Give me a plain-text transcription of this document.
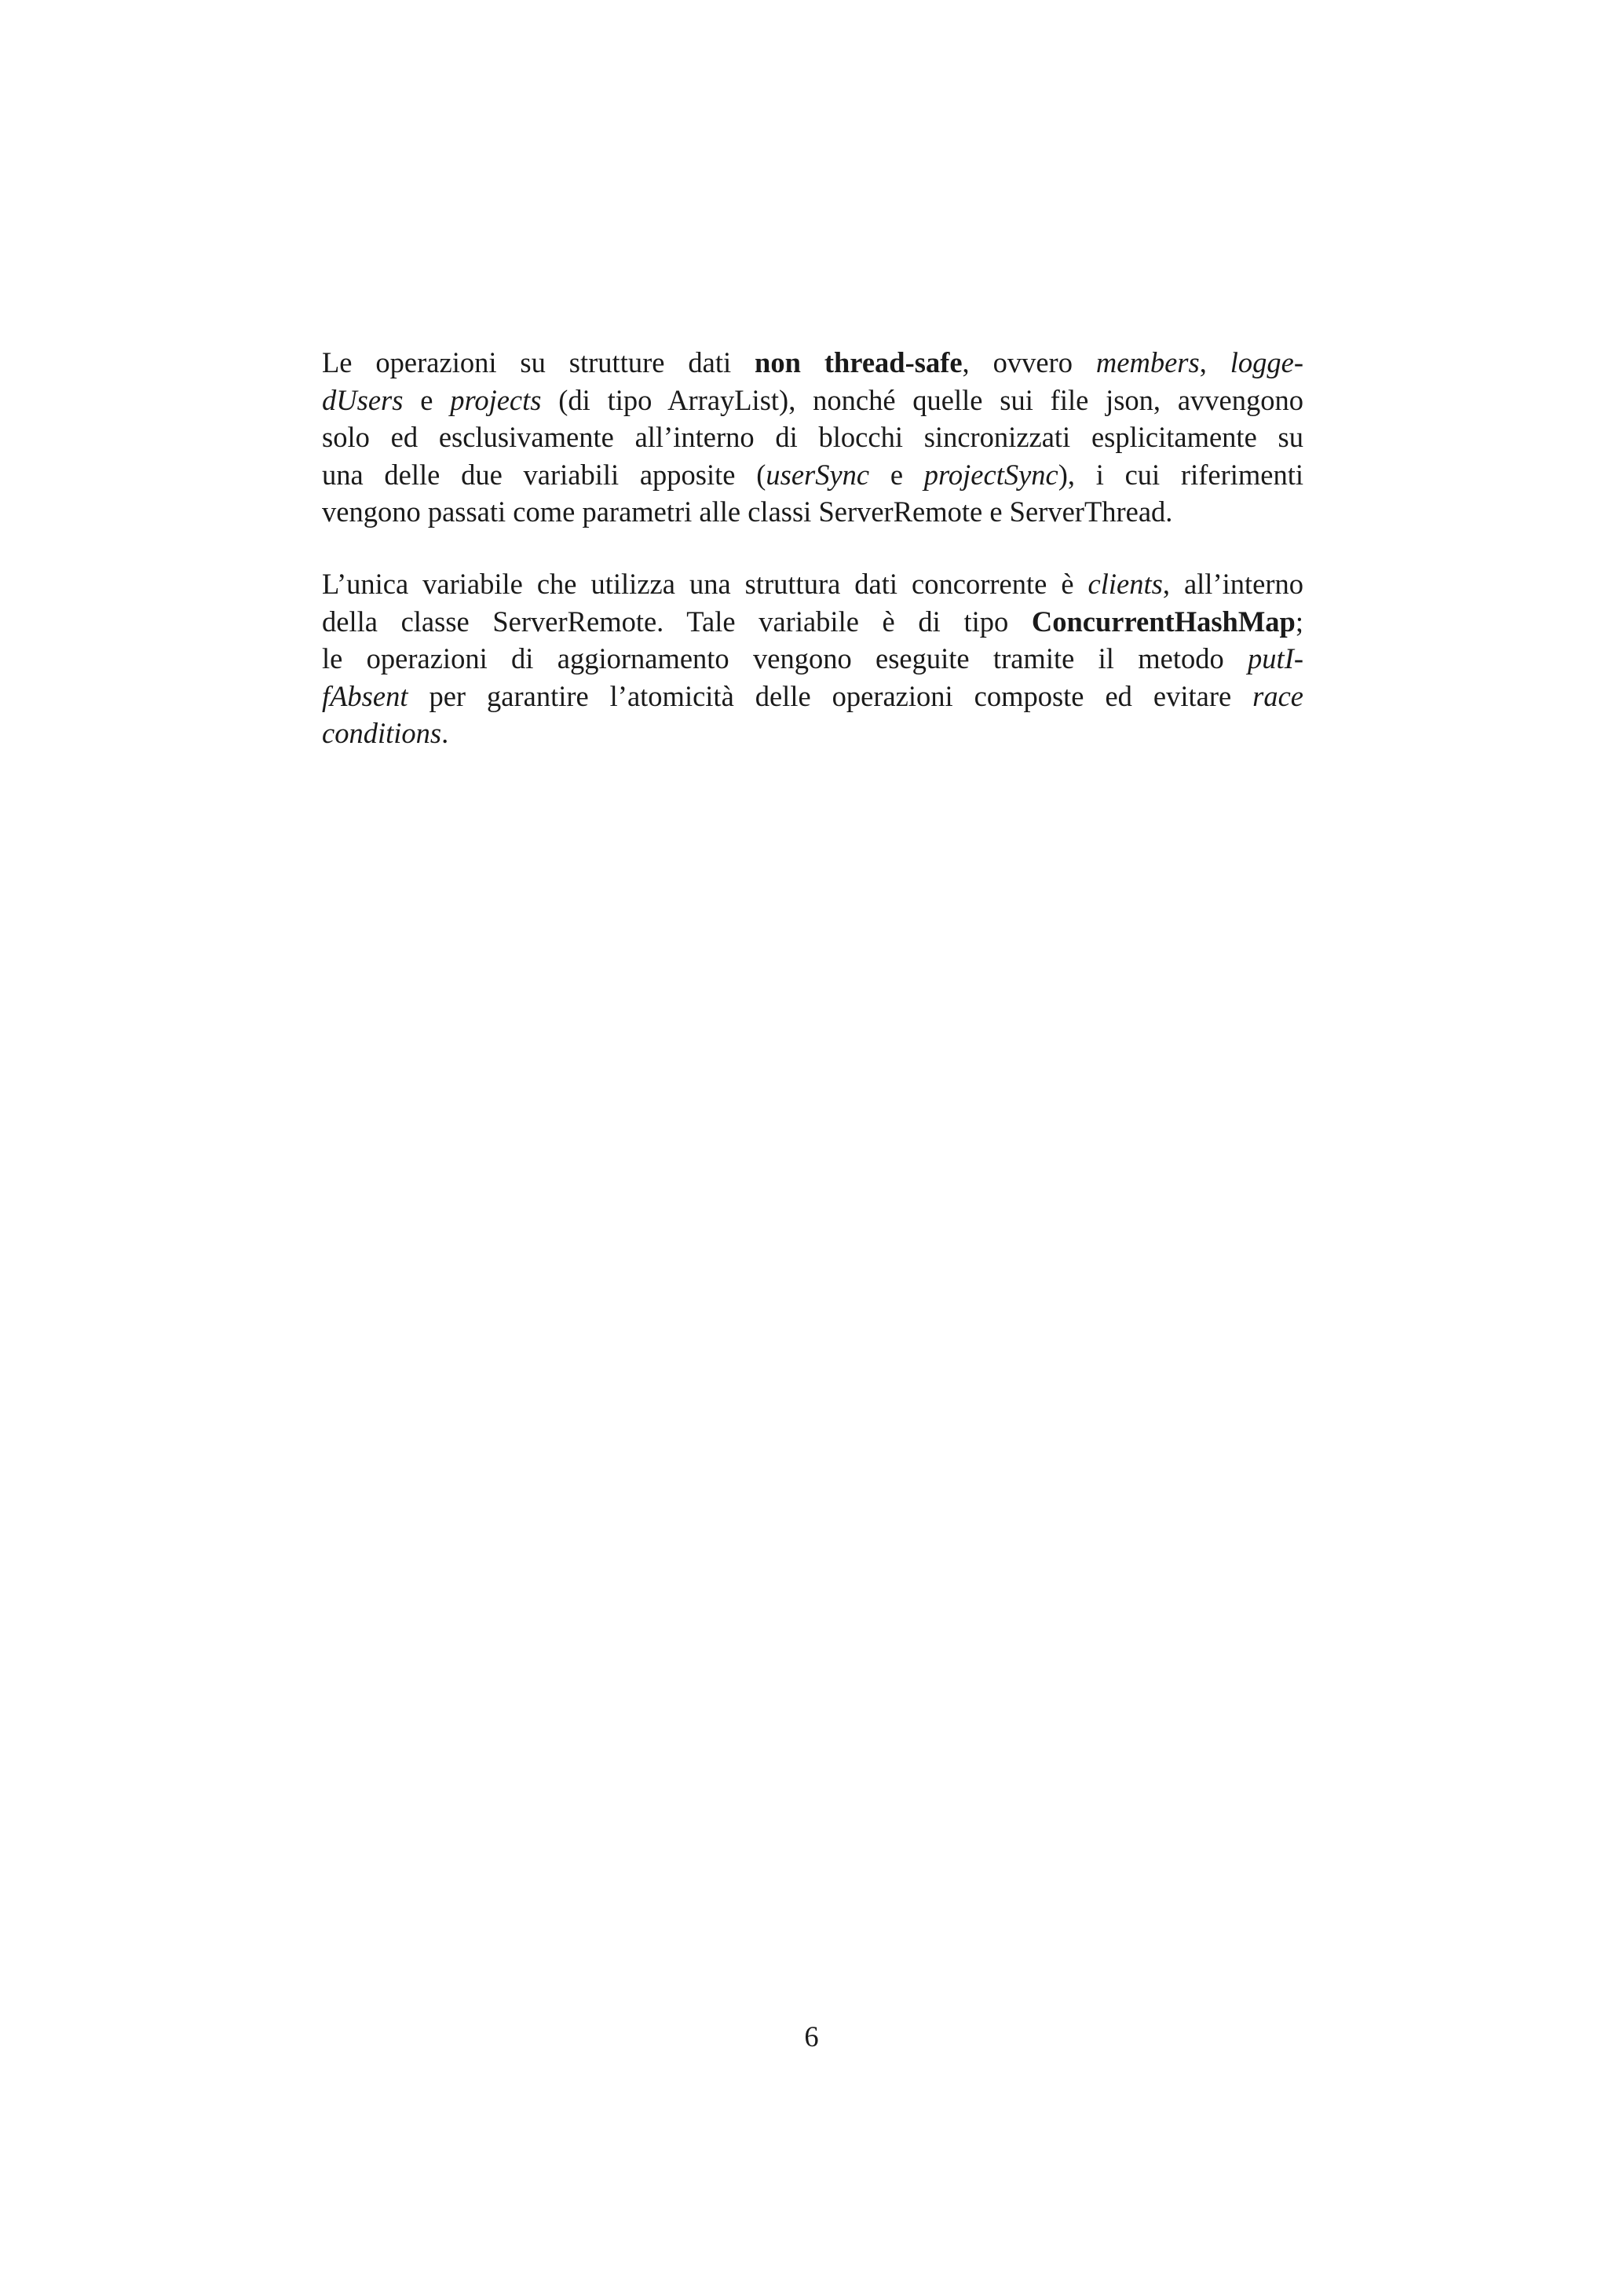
Le operazioni su strutture dati non thread-safe, ovvero members, logge-
dUsers e projects (di tipo ArrayList), nonché quelle sui file json, avvengono
solo ed esclusivamente all’interno di blocchi sincronizzati esplicitamente su
una delle due variabili apposite (userSync e projectSync), i cui riferimenti
vengono passati come parametri alle classi ServerRemote e ServerThread.
L’unica variabile che utilizza una struttura dati concorrente è clients, all’interno
della classe ServerRemote. Tale variabile è di tipo ConcurrentHashMap;
le operazioni di aggiornamento vengono eseguite tramite il metodo putI-
fAbsent per garantire l’atomicità delle operazioni composte ed evitare race
conditions.
6
